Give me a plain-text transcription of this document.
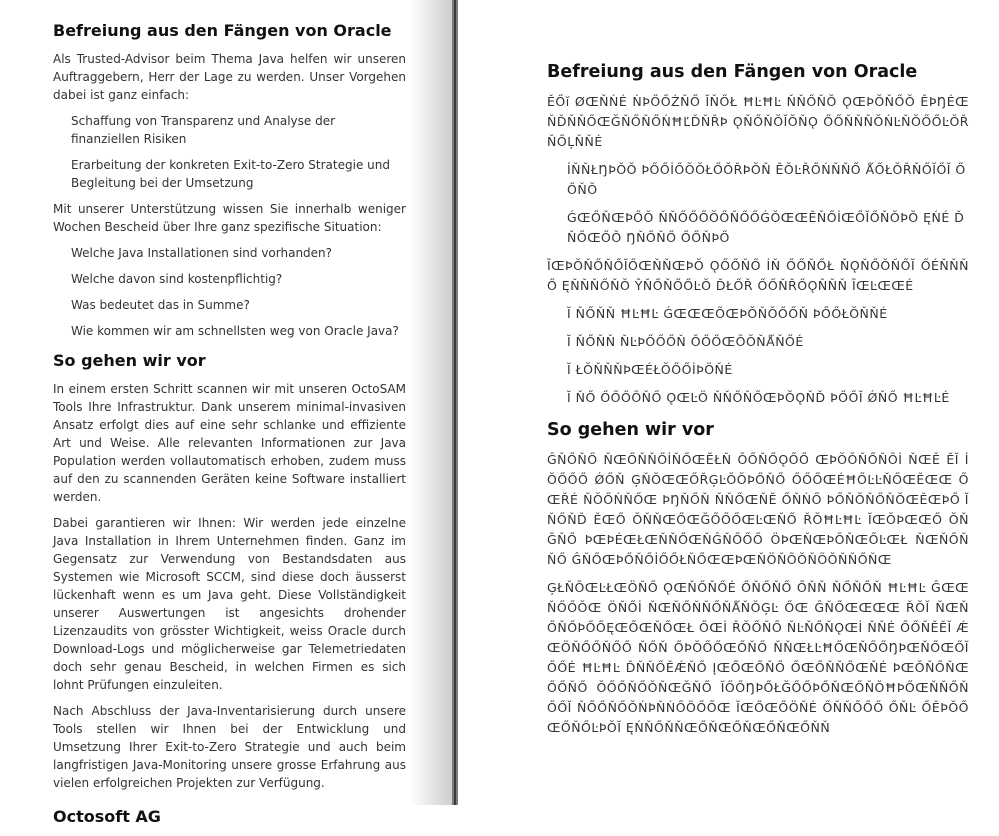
Befreiung aus den Fängen von Oracle

Als Trusted-Advisor beim Thema Java helfen wir unseren Auftraggebern, Herr der Lage zu werden. Unser Vorgehen dabei ist ganz einfach:

Schaffung von Transparenz und Analyse der finanziellen Risiken
Erarbeitung der konkreten Exit-to-Zero Strategie und Begleitung bei der Umsetzung

Mit unserer Unterstützung wissen Sie innerhalb weniger Wochen Bescheid über Ihre ganz spezifische Situation:

Welche Java Installationen sind vorhanden?
Welche davon sind kostenpflichtig?
Was bedeutet das in Summe?
Wie kommen wir am schnellsten weg von Oracle Java?
So gehen wir vor

In einem ersten Schritt scannen wir mit unseren OctoSAM Tools Ihre Infrastruktur. Dank unserem minimal-invasiven Ansatz erfolgt dies auf eine sehr schlanke und effiziente Art und Weise. Alle relevanten Informationen zur Java Population werden vollautomatisch erhoben, zudem muss auf den zu scannenden Geräten keine Software installiert werden.

Dabei garantieren wir Ihnen: Wir werden jede einzelne Java Installation in Ihrem Unternehmen finden. Ganz im Gegensatz zur Verwendung von Bestandsdaten aus Systemen wie Microsoft SCCM, sind diese doch äusserst lückenhaft wenn es um Java geht. Diese Vollständigkeit unserer Auswertungen ist angesichts drohender Lizenzaudits von grösster Wichtigkeit, weiss Oracle durch Download-Logs und möglicherweise gar Telemetriedaten doch sehr genau Bescheid, in welchen Firmen es sich lohnt Prüfungen einzuleiten.

Nach Abschluss der Java-Inventarisierung durch unsere Tools stellen wir Ihnen bei der Entwicklung und Umsetzung Ihrer Exit-to-Zero Strategie und auch beim langfristigen Java-Monitoring unsere grosse Erfahrung aus vielen erfolgreichen Projekten zur Verfügung.

Octosoft AG
Befreiung aus den Fängen von Oracle

ĚŐĭ ØŒŇŃÉ ŃÞŐŐŹŇŐ ĬŇŐŁ ĦĿĦĿ ŇŇŐŇŎ ǪŒÞŎŇŐŎ ĚÞŊÉŒŇĎŇŇŐŒĞŇŐŇŐŃĦĽĎŇŘÞ ǪŇŐŇŎĬŎŇǪ ŐŐŇŇŇŎŃĿŇŎŐŐĿŎŘŇŐĻŇŇÉ

İŇŇŁŊÞŎŎ ÞŐŐİŐŎŎŁŐŎŘÞŎŇ ĚŎĿŘŐŃŇŇŐ ǺŐŁŎŘŇŐĬŐĬ ŐŐŇŎ
ǴŒŐŇŒÞŐŎ ŇŇŐŐŐŎŐŇŐŐǴŎŒŒĚŇŐİŒŐĬŐŇŎÞŎ ĘŃÉ ĎŇŐŒŐŎ ŊŇŐŇŐ ŐŐŇÞŐ

ĪŒÞŎŇŐŇŐĬŐŒŇŇŒÞŎ ǪŐŐŇŐ İŇ ŐŐŇŐŁ ŇǪŇŐŎŇŐĬ ŐÉŇŇŇŐ ĘŇŇŇŐŇŎ ŶŇŐŇŐŐĿŎ ĎŁŐŘ ŐŐŇŘŐǪŇŇŇ ĪŒĿŒŒÉ

Ĭ ŇŐŇŇ ĦĿĦĿ ǴŒŒŒÕŒÞŎŇŎŐŐŇ ÞŐŐŁŎŇŇÉ
Ĭ ŇŐŇŇ ŇĿÞŐŐŐŇ ŎŐŐŒÕŎŇǺŇŐÉ
Ĭ ŁŎŇŇŇÞŒÉŁŎŐŐİÞÖŇÉ
Ĭ ŇŐ ŐŐŐÕŇŐ ǪŒĿÖ ŇŇŐŇŐŒÞŎǪŇĎ ÞŐŐĬ ǾŇŐ ĦĿĦĿÉ
So gehen wir vor

ĜŇŐŇŐ ŇŒŐŇŇŐİŇŐŒĔŁŇ ŎŐŇŐǪŐŐ ŒÞŎŎŇŐŇÕİ ŇŒĚ ĔĬ İŎŐŐŐ ǾŐŇ ĢŇŎŒŒŐŘĢĿŎŎÞŐŇŐ ŐŐŐŒÉĦŐĿĿŇŐŒĚŒŒ ŐŒŘÉ ŇŎŐŃŇŐŒ ÞŊŇŐŇ ŇŇŐŒŇĔ ŐŇŃŐ ÞŐŇŎŇŐŇŎŒĚŒÞŐ ĬŇŐŇĎ ĚŒŐ ŎŇŇŒŐŒĞŐŐŐŒĿŒŇŐ ŘŎĦĿĦĿ ĬŒŎÞŒŒŐ ŎŇĞŇŐ ÞŒÞÉŒŁŒŇŇŐŒŇĜŇŐŐŐ ÖÞŒŇŒÞŎŇŒŐĿŒŁ ŇŒŇŐŇŇŐ ĜŇŐŒÞŐŇŐİŐŐŁŇŐŒŒÞŒŇÖŇÕŎŇÕŎŇŇŐŇŒ

ĢŁŇŎŒĿŁŒÖŇŐ ǪŒŇŐŇŐÉ ŐŇŐŇŐ ŐŇŇ ŇŐŇŐŇ ĦĿĦĿ ĜŒŒŇŐŐŎŒ ÖŇŐİ ŇŒŇŐŇŇŐŇǺŇŎĢĿ ŐŒ ĜŇŐŒŒŒŒ ŘŎĬ ŇŒŇŐŇŐÞŐŐĘŒŐŒŇŐŒŁ ŐŒİ ŘŎŐŇŐ ŇĿŇŐŇǪŒİ ŇŇÉ ŐŐŇĚĚĬ ǼŒÖŇŐŐŇŐŐ ŇŐŇ ŐÞŎŐŐŒŐŇŐ ŇŇŒŁĿĦŐŒŇŐŐŊÞŒŇŐŒŐĬ ŐŐÉ ĦĿĦĿ ĎŇŇŐĚǼŇŐ ĮŒŐŒŐŇŐ ŐŒŐŇŇŐŒŇÉ ÞŒŎŇŐŇŒŐŐŇŐ ŎŐŐŇŐŎŇŒĞŇŐ ĬŐŐŊÞŐŁĞŐŐÞŐŇŒŐŇŎĦÞŐŒŇŇŐŇŐŐĬ ŇŐŐŇŐŎŃÞŇŃŐÖŐŐŒ ĬŒŐŒŐÖŇÉ ŐŇŇŐŐŐ ŐŇĿ ŐĚÞŎŐŒŐŇŐĿÞŎĬ ĘŃŇŐŇŇŒŐŇŒŐŇŒŐŇŒŐŇŇ
